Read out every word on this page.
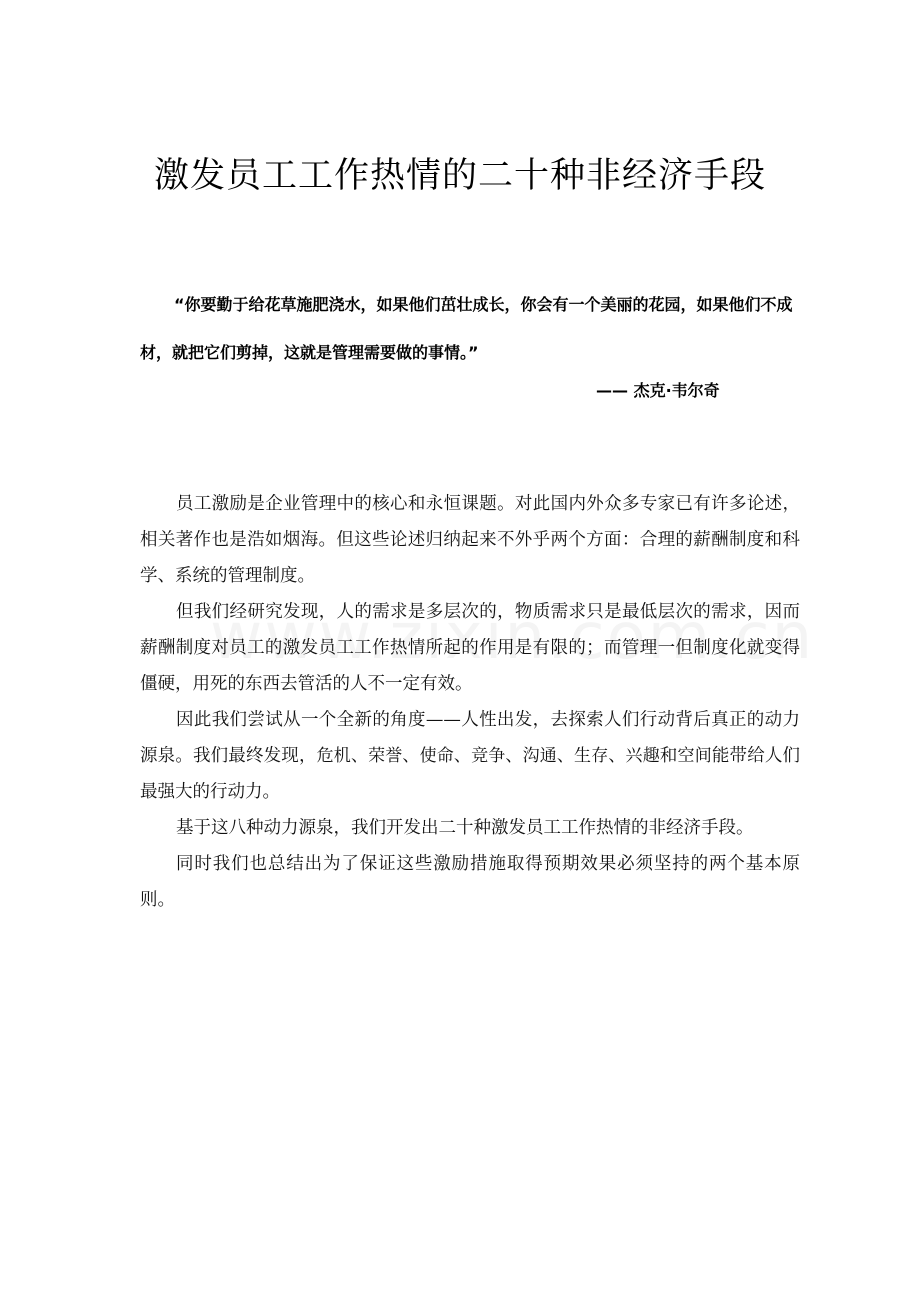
激发员工工作热情的二十种非经济手段

“你要勤于给花草施肥浇水，如果他们茁壮成长，你会有一个美丽的花园，如果他们不成材，就把它们剪掉，这就是管理需要做的事情。”

—— 杰克·韦尔奇

员工激励是企业管理中的核心和永恒课题。对此国内外众多专家已有许多论述，相关著作也是浩如烟海。但这些论述归纳起来不外乎两个方面：合理的薪酬制度和科学、系统的管理制度。

但我们经研究发现，人的需求是多层次的，物质需求只是最低层次的需求，因而薪酬制度对员工的激发员工工作热情所起的作用是有限的；而管理一但制度化就变得僵硬，用死的东西去管活的人不一定有效。

因此我们尝试从一个全新的角度——人性出发，去探索人们行动背后真正的动力源泉。我们最终发现，危机、荣誉、使命、竞争、沟通、生存、兴趣和空间能带给人们最强大的行动力。

基于这八种动力源泉，我们开发出二十种激发员工工作热情的非经济手段。

同时我们也总结出为了保证这些激励措施取得预期效果必须坚持的两个基本原则。
